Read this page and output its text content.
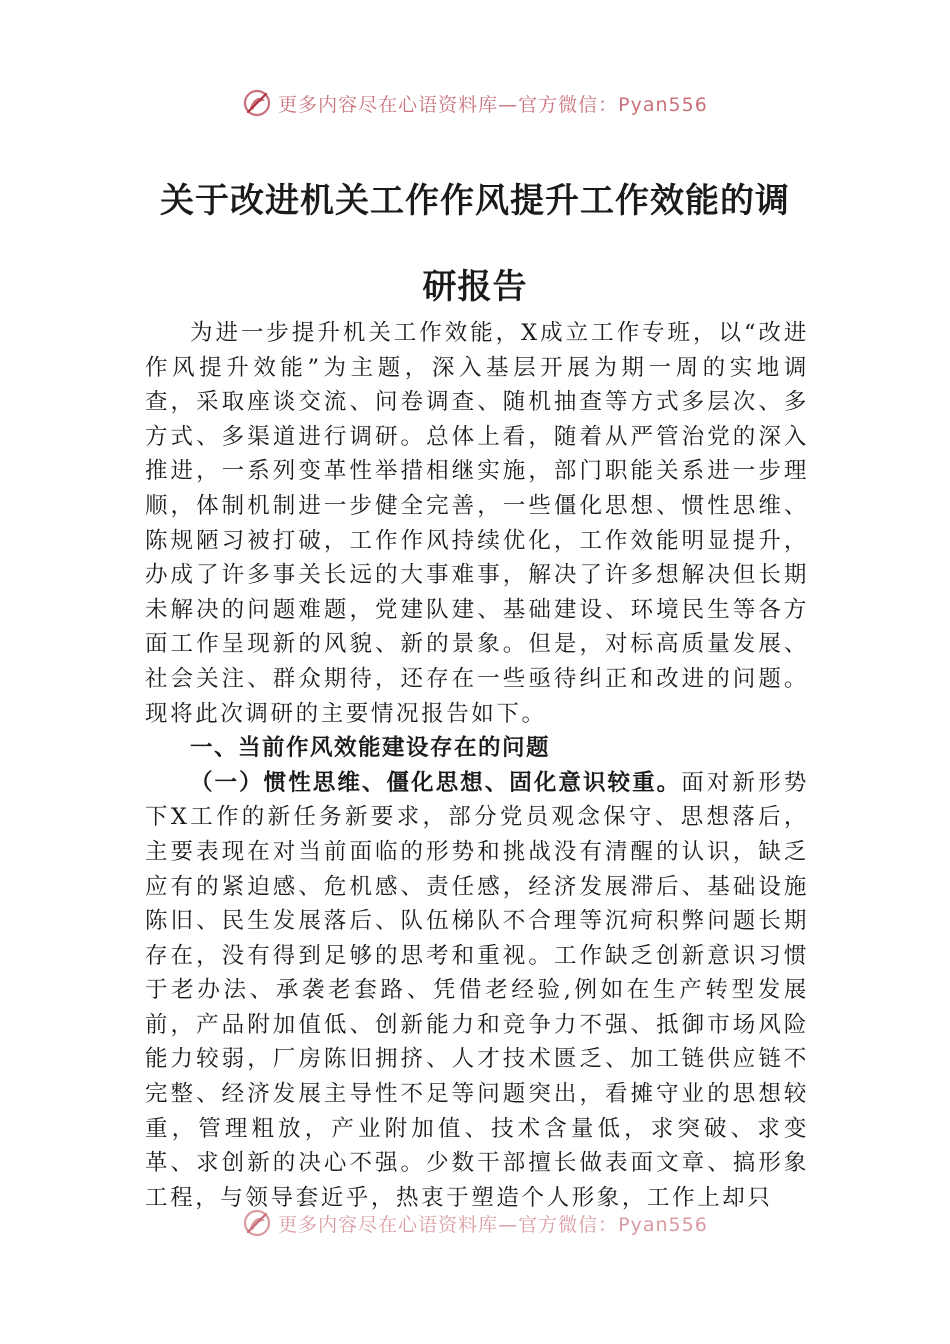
更多内容尽在心语资料库—官方微信：Pyan556
关于改进机关工作作风提升工作效能的调研报告

为进一步提升机关工作效能，X成立工作专班，以“改进作风提升效能”为主题，深入基层开展为期一周的实地调查，采取座谈交流、问卷调查、随机抽查等方式多层次、多方式、多渠道进行调研。总体上看，随着从严管治党的深入推进，一系列变革性举措相继实施，部门职能关系进一步理顺，体制机制进一步健全完善，一些僵化思想、惯性思维、陈规陋习被打破，工作作风持续优化，工作效能明显提升，办成了许多事关长远的大事难事，解决了许多想解决但长期未解决的问题难题，党建队建、基础建设、环境民生等各方面工作呈现新的风貌、新的景象。但是，对标高质量发展、社会关注、群众期待，还存在一些亟待纠正和改进的问题。现将此次调研的主要情况报告如下。

一、当前作风效能建设存在的问题

（一）惯性思维、僵化思想、固化意识较重。面对新形势下X工作的新任务新要求，部分党员观念保守、思想落后，主要表现在对当前面临的形势和挑战没有清醒的认识，缺乏应有的紧迫感、危机感、责任感，经济发展滞后、基础设施陈旧、民生发展落后、队伍梯队不合理等沉疴积弊问题长期存在，没有得到足够的思考和重视。工作缺乏创新意识习惯于老办法、承袭老套路、凭借老经验,例如在生产转型发展前，产品附加值低、创新能力和竞争力不强、抵御市场风险能力较弱，厂房陈旧拥挤、人才技术匮乏、加工链供应链不完整、经济发展主导性不足等问题突出，看摊守业的思想较重，管理粗放，产业附加值、技术含量低，求突破、求变革、求创新的决心不强。少数干部擅长做表面文章、搞形象工程，与领导套近乎，热衷于塑造个人形象，工作上却只

更多内容尽在心语资料库—官方微信：Pyan556
